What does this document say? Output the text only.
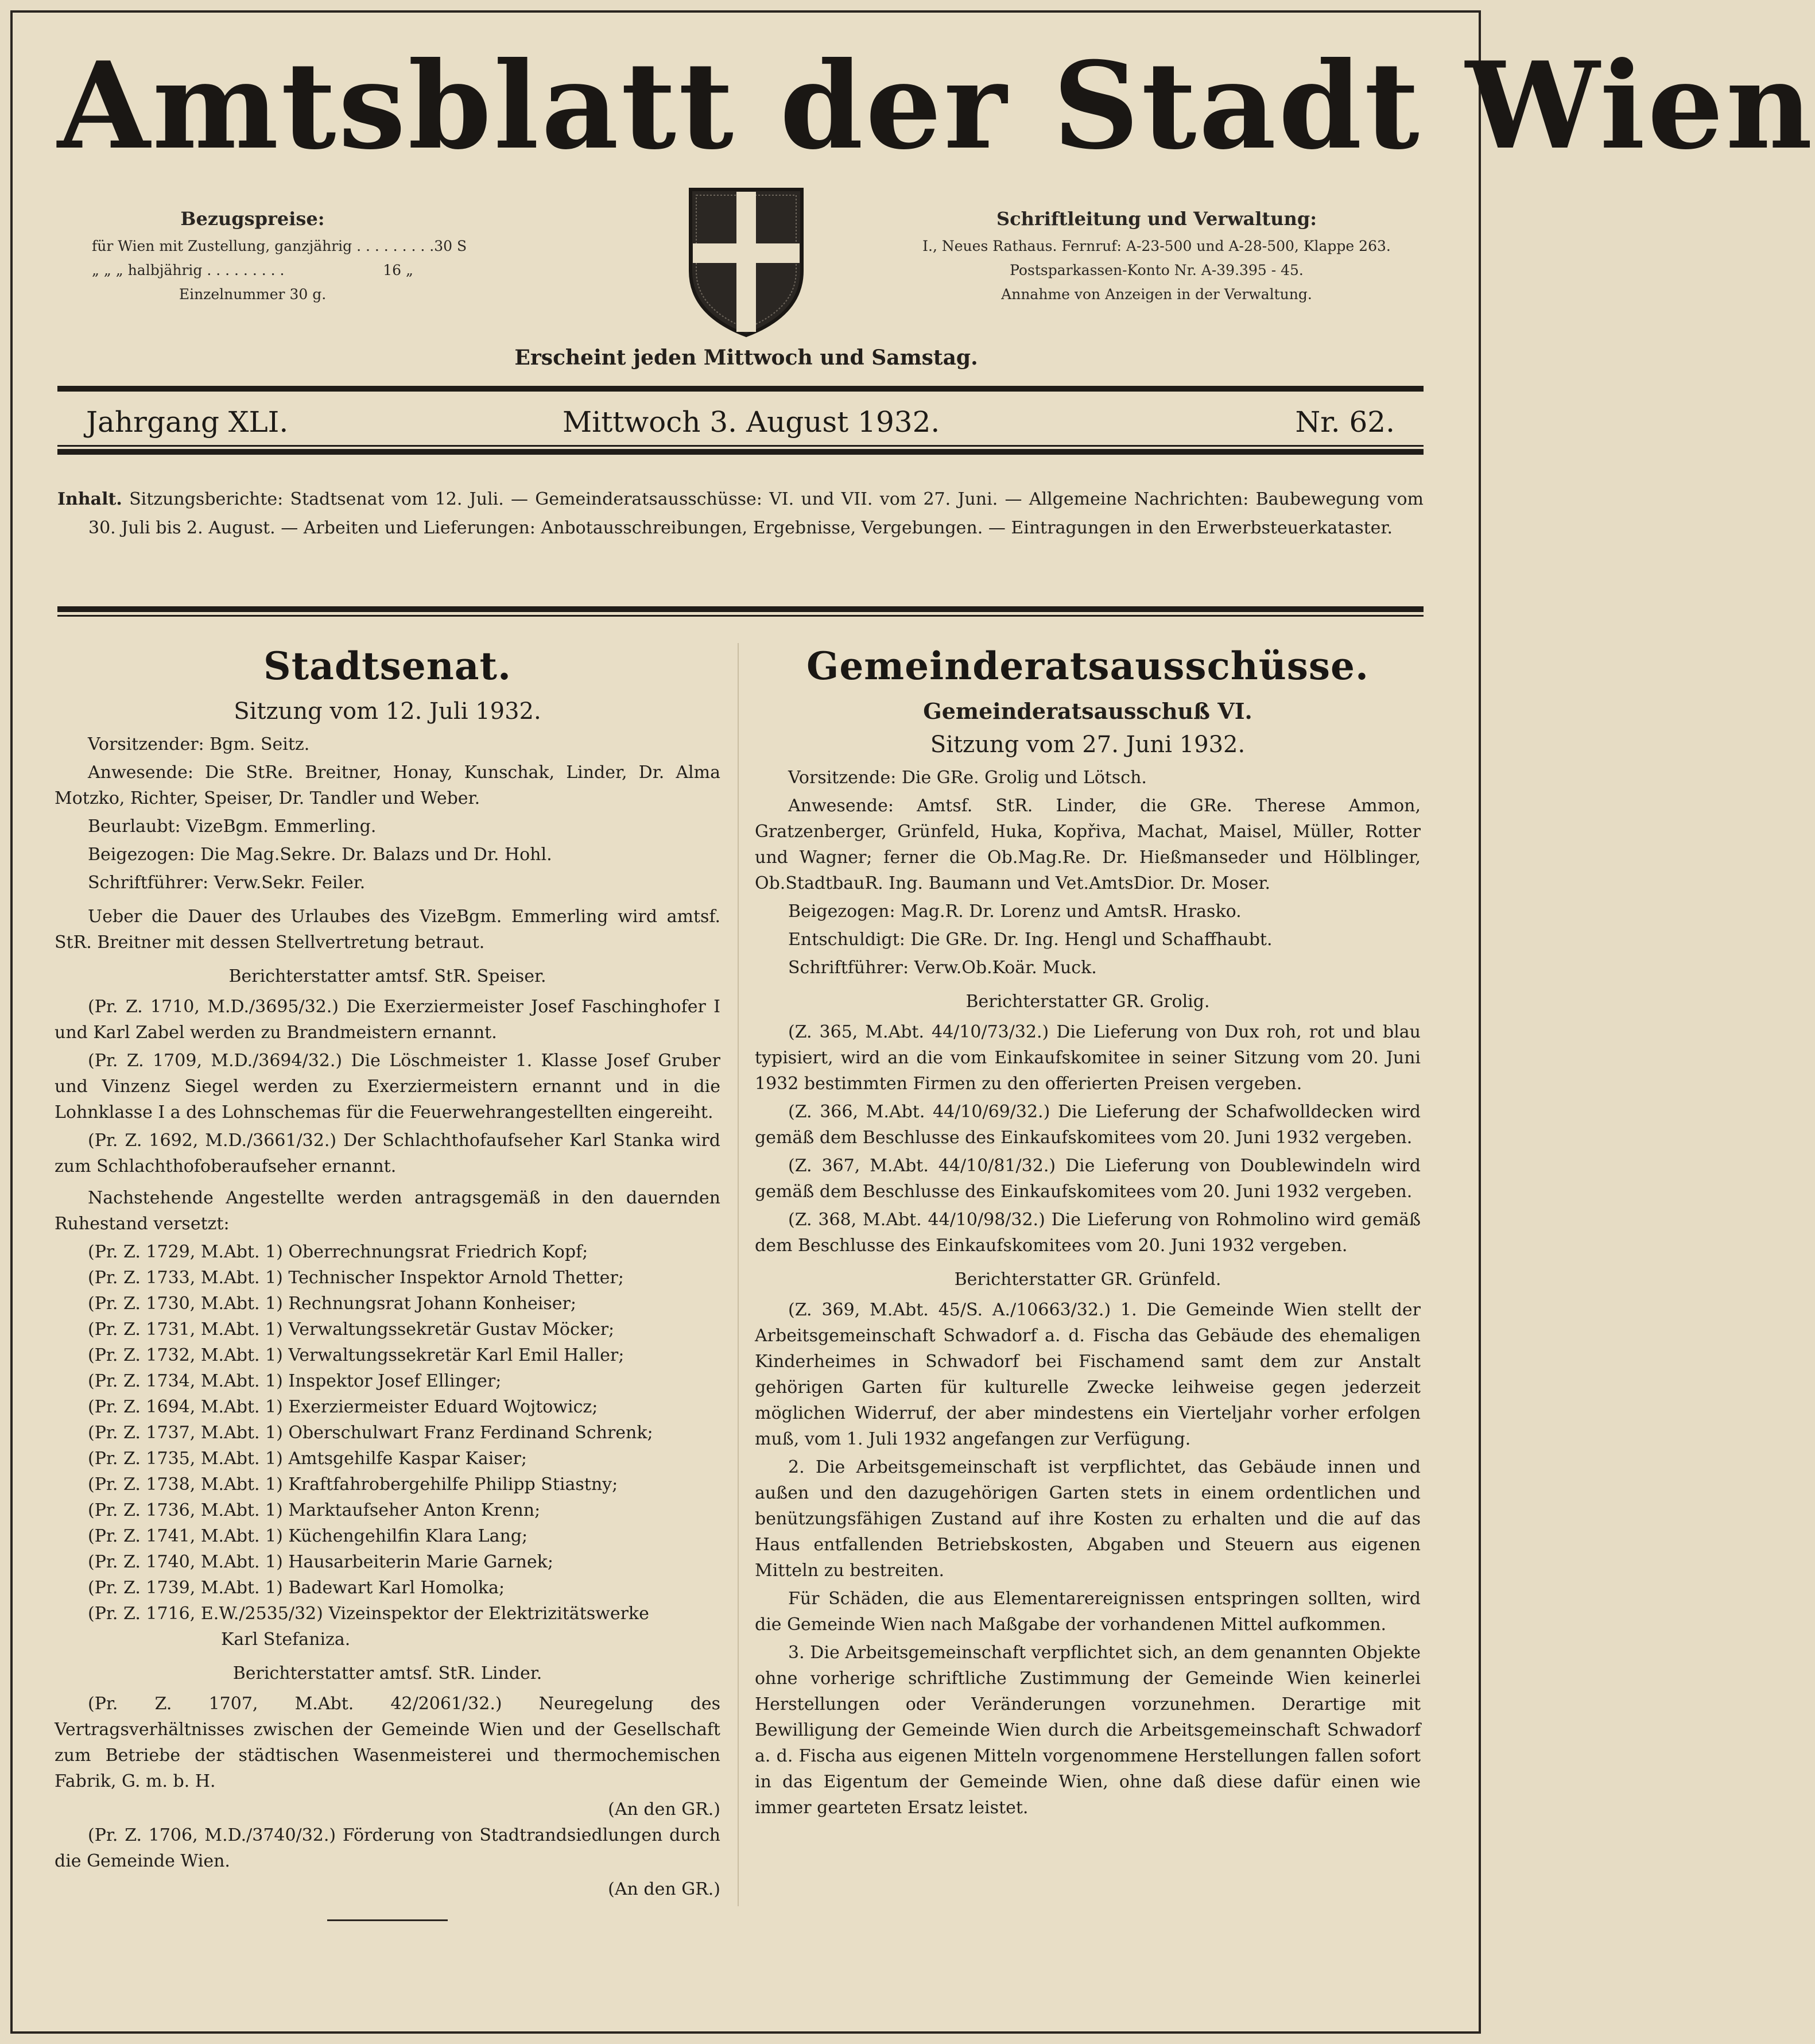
Amtsblatt der Stadt Wien
Bezugspreise:
für Wien mit Zustellung, ganzjährig . . . . . . . . . 30 S
„ „ „ halbjährig . . . . . . . . .	16 „
Einzelnummer 30 g.
Schriftleitung und Verwaltung:
I., Neues Rathaus. Fernruf: A-23-500 und A-28-500, Klappe 263.
Postsparkassen-Konto Nr. A-39.395 - 45.
Annahme von Anzeigen in der Verwaltung.
Erscheint jeden Mittwoch und Samstag.
Jahrgang XLI.	Mittwoch 3. August 1932.	Nr. 62.
Inhalt. Sitzungsberichte: Stadtsenat vom 12. Juli. — Gemeinderatsausschüsse: VI. und VII. vom 27. Juni. — Allgemeine Nachrichten: Baubewegung vom 30. Juli bis 2. August. — Arbeiten und Lieferungen: Anbotausschreibungen, Ergebnisse, Vergebungen. — Eintragungen in den Erwerbsteuerkataster.
Stadtsenat.
Sitzung vom 12. Juli 1932.

Vorsitzender: Bgm. Seitz.

Anwesende: Die StRe. Breitner, Honay, Kunschak, Linder, Dr. Alma Motzko, Richter, Speiser, Dr. Tandler und Weber.

Beurlaubt: VizeBgm. Emmerling.

Beigezogen: Die Mag.Sekre. Dr. Balazs und Dr. Hohl.

Schriftführer: Verw.Sekr. Feiler.

Ueber die Dauer des Urlaubes des VizeBgm. Emmerling wird amtsf. StR. Breitner mit dessen Stellvertretung betraut.

Berichterstatter amtsf. StR. Speiser.

(Pr. Z. 1710, M.D./3695/32.) Die Exerziermeister Josef Faschinghofer I und Karl Zabel werden zu Brandmeistern ernannt.

(Pr. Z. 1709, M.D./3694/32.) Die Löschmeister 1. Klasse Josef Gruber und Vinzenz Siegel werden zu Exerziermeistern ernannt und in die Lohnklasse I a des Lohnschemas für die Feuerwehrangestellten eingereiht.

(Pr. Z. 1692, M.D./3661/32.) Der Schlachthofaufseher Karl Stanka wird zum Schlachthofoberaufseher ernannt.

Nachstehende Angestellte werden antragsgemäß in den dauernden Ruhestand versetzt:

(Pr. Z. 1729, M.Abt. 1) Oberrechnungsrat Friedrich Kopf;
(Pr. Z. 1733, M.Abt. 1) Technischer Inspektor Arnold Thetter;
(Pr. Z. 1730, M.Abt. 1) Rechnungsrat Johann Konheiser;
(Pr. Z. 1731, M.Abt. 1) Verwaltungssekretär Gustav Möcker;
(Pr. Z. 1732, M.Abt. 1) Verwaltungssekretär Karl Emil Haller;
(Pr. Z. 1734, M.Abt. 1) Inspektor Josef Ellinger;
(Pr. Z. 1694, M.Abt. 1) Exerziermeister Eduard Wojtowicz;
(Pr. Z. 1737, M.Abt. 1) Oberschulwart Franz Ferdinand Schrenk;
(Pr. Z. 1735, M.Abt. 1) Amtsgehilfe Kaspar Kaiser;
(Pr. Z. 1738, M.Abt. 1) Kraftfahrobergehilfe Philipp Stiastny;
(Pr. Z. 1736, M.Abt. 1) Marktaufseher Anton Krenn;
(Pr. Z. 1741, M.Abt. 1) Küchengehilfin Klara Lang;
(Pr. Z. 1740, M.Abt. 1) Hausarbeiterin Marie Garnek;
(Pr. Z. 1739, M.Abt. 1) Badewart Karl Homolka;
(Pr. Z. 1716, E.W./2535/32) Vizeinspektor der Elektrizitätswerke
Karl Stefaniza.
Berichterstatter amtsf. StR. Linder.

(Pr. Z. 1707, M.Abt. 42/2061/32.) Neuregelung des Vertragsverhältnisses zwischen der Gemeinde Wien und der Gesellschaft zum Betriebe der städtischen Wasenmeisterei und thermochemischen Fabrik, G. m. b. H.

(An den GR.)

(Pr. Z. 1706, M.D./3740/32.) Förderung von Stadtrandsiedlungen durch die Gemeinde Wien.

(An den GR.)
Gemeinderatsausschüsse.
Gemeinderatsausschuß VI.
Sitzung vom 27. Juni 1932.

Vorsitzende: Die GRe. Grolig und Lötsch.

Anwesende: Amtsf. StR. Linder, die GRe. Therese Ammon, Gratzenberger, Grünfeld, Huka, Kopřiva, Machat, Maisel, Müller, Rotter und Wagner; ferner die Ob.Mag.Re. Dr. Hießmanseder und Hölblinger, Ob.StadtbauR. Ing. Baumann und Vet.AmtsDior. Dr. Moser.

Beigezogen: Mag.R. Dr. Lorenz und AmtsR. Hrasko.

Entschuldigt: Die GRe. Dr. Ing. Hengl und Schaffhaubt.

Schriftführer: Verw.Ob.Koär. Muck.

Berichterstatter GR. Grolig.

(Z. 365, M.Abt. 44/10/73/32.) Die Lieferung von Dux roh, rot und blau typisiert, wird an die vom Einkaufskomitee in seiner Sitzung vom 20. Juni 1932 bestimmten Firmen zu den offerierten Preisen vergeben.

(Z. 366, M.Abt. 44/10/69/32.) Die Lieferung der Schafwolldecken wird gemäß dem Beschlusse des Einkaufskomitees vom 20. Juni 1932 vergeben.

(Z. 367, M.Abt. 44/10/81/32.) Die Lieferung von Doublewindeln wird gemäß dem Beschlusse des Einkaufskomitees vom 20. Juni 1932 vergeben.

(Z. 368, M.Abt. 44/10/98/32.) Die Lieferung von Rohmolino wird gemäß dem Beschlusse des Einkaufskomitees vom 20. Juni 1932 vergeben.

Berichterstatter GR. Grünfeld.

(Z. 369, M.Abt. 45/S. A./10663/32.) 1. Die Gemeinde Wien stellt der Arbeitsgemeinschaft Schwadorf a. d. Fischa das Gebäude des ehemaligen Kinderheimes in Schwadorf bei Fischamend samt dem zur Anstalt gehörigen Garten für kulturelle Zwecke leihweise gegen jederzeit möglichen Widerruf, der aber mindestens ein Vierteljahr vorher erfolgen muß, vom 1. Juli 1932 angefangen zur Verfügung.

2. Die Arbeitsgemeinschaft ist verpflichtet, das Gebäude innen und außen und den dazugehörigen Garten stets in einem ordentlichen und benützungsfähigen Zustand auf ihre Kosten zu erhalten und die auf das Haus entfallenden Betriebskosten, Abgaben und Steuern aus eigenen Mitteln zu bestreiten.

Für Schäden, die aus Elementarereignissen entspringen sollten, wird die Gemeinde Wien nach Maßgabe der vorhandenen Mittel aufkommen.

3. Die Arbeitsgemeinschaft verpflichtet sich, an dem genannten Objekte ohne vorherige schriftliche Zustimmung der Gemeinde Wien keinerlei Herstellungen oder Veränderungen vorzunehmen. Derartige mit Bewilligung der Gemeinde Wien durch die Arbeitsgemeinschaft Schwadorf a. d. Fischa aus eigenen Mitteln vorgenommene Herstellungen fallen sofort in das Eigentum der Gemeinde Wien, ohne daß diese dafür einen wie immer gearteten Ersatz leistet.
